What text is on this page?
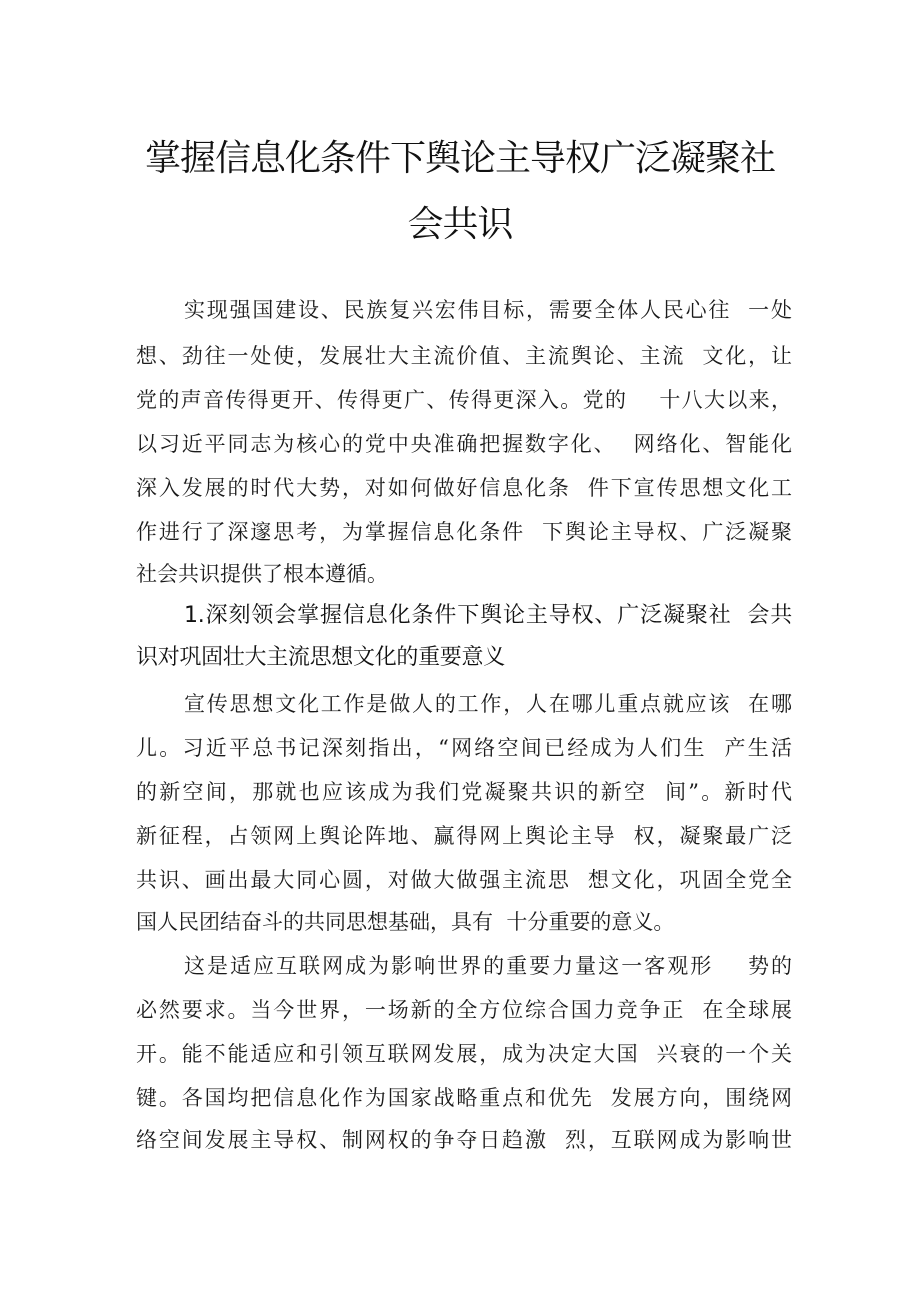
掌握信息化条件下舆论主导权广泛凝聚社
会共识
实现强国建设、民族复兴宏伟目标，需要全体人民心往  一处
想、劲往一处使，发展壮大主流价值、主流舆论、主流  文化，让
党的声音传得更开、传得更广、传得更深入。党的    十八大以来，
以习近平同志为核心的党中央准确把握数字化、  网络化、智能化
深入发展的时代大势，对如何做好信息化条  件下宣传思想文化工
作进行了深邃思考，为掌握信息化条件  下舆论主导权、广泛凝聚
社会共识提供了根本遵循。
1.深刻领会掌握信息化条件下舆论主导权、广泛凝聚社  会共
识对巩固壮大主流思想文化的重要意义
宣传思想文化工作是做人的工作，人在哪儿重点就应该  在哪
儿。习近平总书记深刻指出，“网络空间已经成为人们生  产生活
的新空间，那就也应该成为我们党凝聚共识的新空  间”。新时代
新征程，占领网上舆论阵地、赢得网上舆论主导  权，凝聚最广泛
共识、画出最大同心圆，对做大做强主流思  想文化，巩固全党全
国人民团结奋斗的共同思想基础，具有  十分重要的意义。
这是适应互联网成为影响世界的重要力量这一客观形    势的
必然要求。当今世界，一场新的全方位综合国力竞争正  在全球展
开。能不能适应和引领互联网发展，成为决定大国  兴衰的一个关
键。各国均把信息化作为国家战略重点和优先  发展方向，围绕网
络空间发展主导权、制网权的争夺日趋激  烈，互联网成为影响世
